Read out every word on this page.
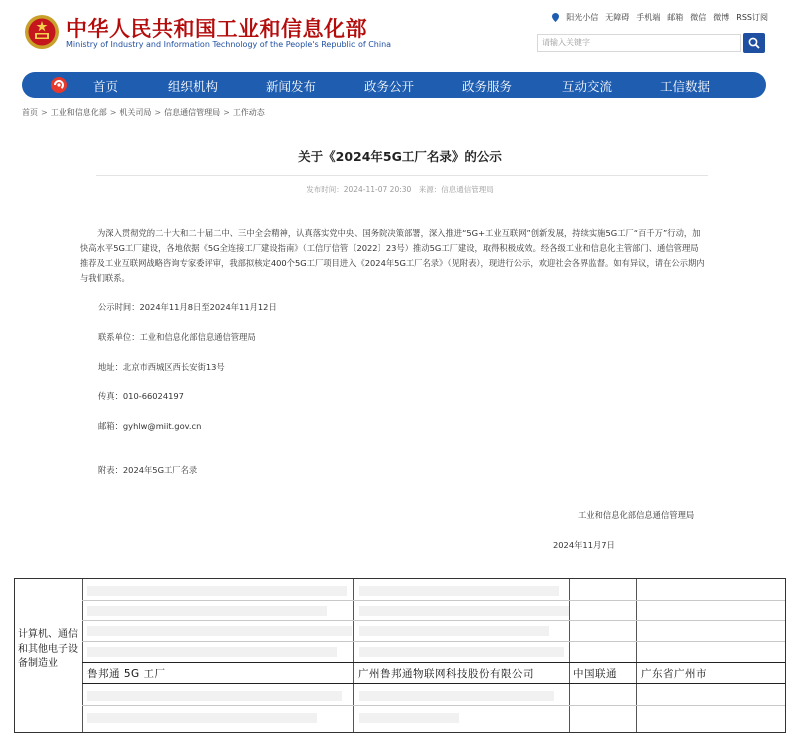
中华人民共和国工业和信息化部
Ministry of Industry and Information Technology of the People's Republic of China
阳光小信 无障碍 手机端 邮箱 微信 微博 RSS订阅
请输入关键字
首页	组织机构	新闻发布	政务公开	政务服务	互动交流	工信数据
首页 > 工业和信息化部 > 机关司局 > 信息通信管理局 > 工作动态
关于《2024年5G工厂名录》的公示
发布时间：2024-11-07 20:30　来源：信息通信管理局
为深入贯彻党的二十大和二十届二中、三中全会精神，认真落实党中央、国务院决策部署，深入推进“5G+工业互联网”创新发展，持续实施5G工厂“百千万”行动，加快高水平5G工厂建设，各地依据《5G全连接工厂建设指南》（工信厅信管〔2022〕23号）推动5G工厂建设，取得积极成效。经各级工业和信息化主管部门、通信管理局推荐及工业互联网战略咨询专家委评审，我部拟核定400个5G工厂项目进入《2024年5G工厂名录》（见附表），现进行公示，欢迎社会各界监督。如有异议，请在公示期内与我们联系。
公示时间：2024年11月8日至2024年11月12日
联系单位：工业和信息化部信息通信管理局
地址：北京市西城区西长安街13号
传真：010-66024197
邮箱：gyhlw@miit.gov.cn
附表：2024年5G工厂名录
工业和信息化部信息通信管理局
2024年11月7日
计算机、通信和其他电子设备制造业
鲁邦通 5G 工厂	广州鲁邦通物联网科技股份有限公司	中国联通 广东省广州市
